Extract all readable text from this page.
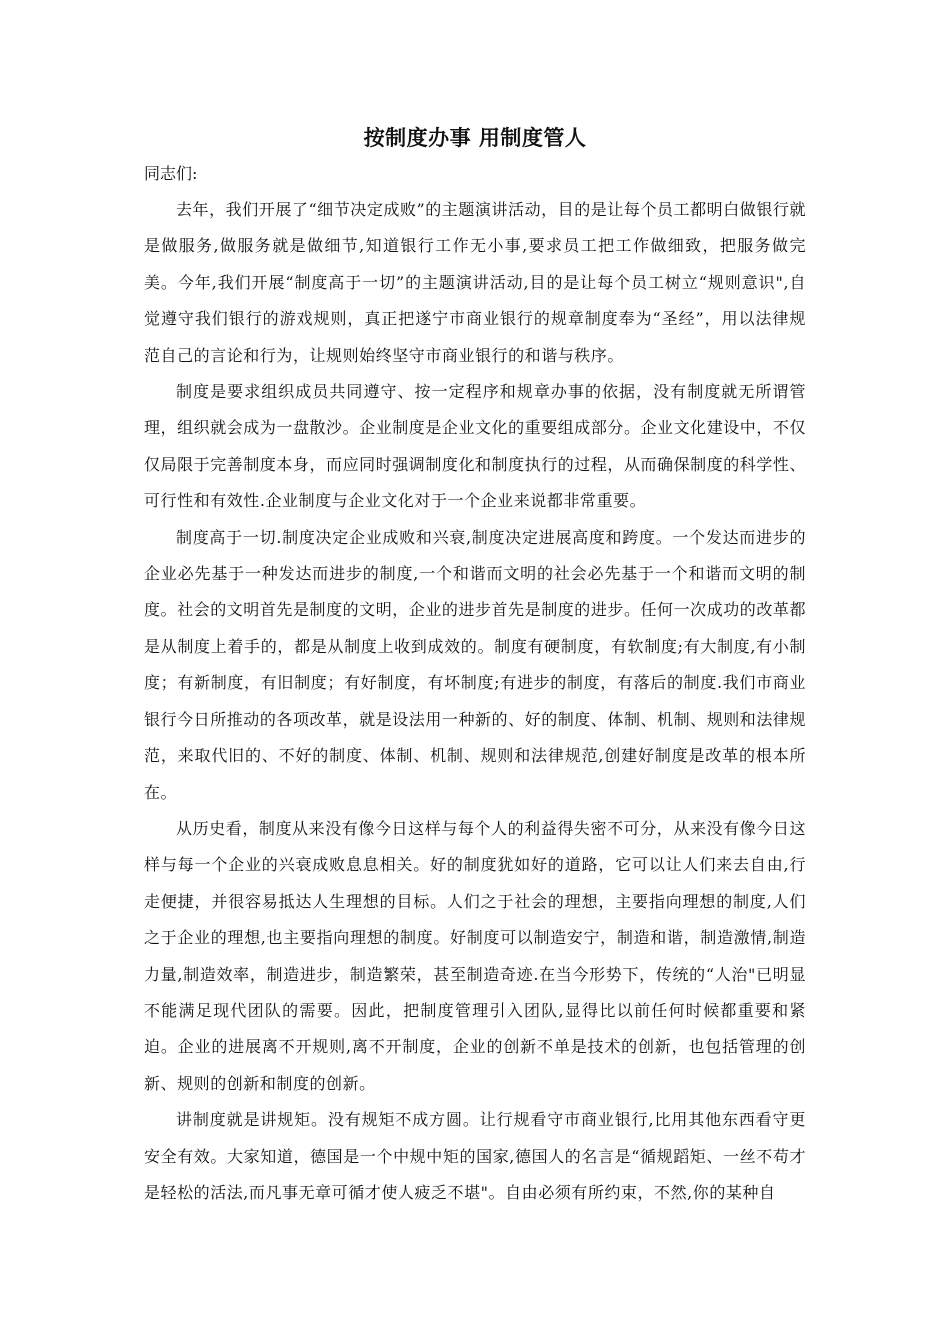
按制度办事 用制度管人
同志们:

去年，我们开展了“细节决定成败”的主题演讲活动，目的是让每个员工都明白做银行就是做服务,做服务就是做细节,知道银行工作无小事,要求员工把工作做细致，把服务做完美。今年,我们开展“制度高于一切”的主题演讲活动,目的是让每个员工树立“规则意识",自觉遵守我们银行的游戏规则，真正把遂宁市商业银行的规章制度奉为“圣经”，用以法律规范自己的言论和行为，让规则始终坚守市商业银行的和谐与秩序。

制度是要求组织成员共同遵守、按一定程序和规章办事的依据，没有制度就无所谓管理，组织就会成为一盘散沙。企业制度是企业文化的重要组成部分。企业文化建设中，不仅仅局限于完善制度本身，而应同时强调制度化和制度执行的过程，从而确保制度的科学性、可行性和有效性.企业制度与企业文化对于一个企业来说都非常重要。

制度高于一切.制度决定企业成败和兴衰,制度决定进展高度和跨度。一个发达而进步的企业必先基于一种发达而进步的制度,一个和谐而文明的社会必先基于一个和谐而文明的制度。社会的文明首先是制度的文明，企业的进步首先是制度的进步。任何一次成功的改革都是从制度上着手的，都是从制度上收到成效的。制度有硬制度，有软制度;有大制度,有小制度；有新制度，有旧制度；有好制度，有坏制度;有进步的制度，有落后的制度.我们市商业银行今日所推动的各项改革，就是设法用一种新的、好的制度、体制、机制、规则和法律规范，来取代旧的、不好的制度、体制、机制、规则和法律规范,创建好制度是改革的根本所在。

从历史看，制度从来没有像今日这样与每个人的利益得失密不可分，从来没有像今日这样与每一个企业的兴衰成败息息相关。好的制度犹如好的道路，它可以让人们来去自由,行走便捷，并很容易抵达人生理想的目标。人们之于社会的理想，主要指向理想的制度,人们之于企业的理想,也主要指向理想的制度。好制度可以制造安宁，制造和谐，制造激情,制造力量,制造效率，制造进步，制造繁荣，甚至制造奇迹.在当今形势下，传统的“人治"已明显不能满足现代团队的需要。因此，把制度管理引入团队,显得比以前任何时候都重要和紧迫。企业的进展离不开规则,离不开制度，企业的创新不单是技术的创新，也包括管理的创新、规则的创新和制度的创新。

讲制度就是讲规矩。没有规矩不成方圆。让行规看守市商业银行,比用其他东西看守更安全有效。大家知道，德国是一个中规中矩的国家,德国人的名言是“循规蹈矩、一丝不苟才是轻松的活法,而凡事无章可循才使人疲乏不堪"。自由必须有所约束，不然,你的某种自
